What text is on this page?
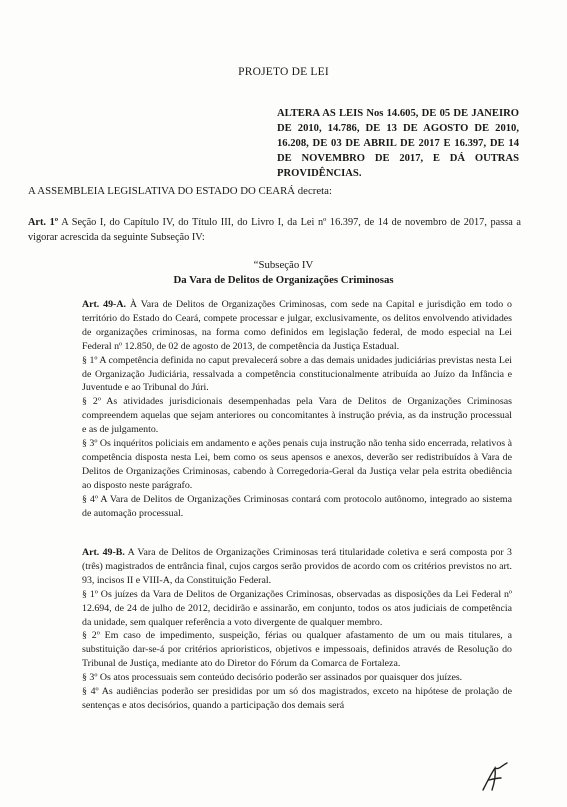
PROJETO DE LEI
ALTERA AS LEIS Nos 14.605, DE 05 DE JANEIRO DE 2010, 14.786, DE 13 DE AGOSTO DE 2010, 16.208, DE 03 DE ABRIL DE 2017 E 16.397, DE 14 DE NOVEMBRO DE 2017, E DÁ OUTRAS PROVIDÊNCIAS.
A ASSEMBLEIA LEGISLATIVA DO ESTADO DO CEARÁ decreta:
Art. 1º A Seção I, do Capítulo IV, do Título III, do Livro I, da Lei nº 16.397, de 14 de novembro de 2017, passa a vigorar acrescida da seguinte Subseção IV:
“Subseção IV
Da Vara de Delitos de Organizações Criminosas

Art. 49-A. À Vara de Delitos de Organizações Criminosas, com sede na Capital e jurisdição em todo o território do Estado do Ceará, compete processar e julgar, exclusivamente, os delitos envolvendo atividades de organizações criminosas, na forma como definidos em legislação federal, de modo especial na Lei Federal nº 12.850, de 02 de agosto de 2013, de competência da Justiça Estadual.

§ 1º A competência definida no caput prevalecerá sobre a das demais unidades judiciárias previstas nesta Lei de Organização Judiciária, ressalvada a competência constitucionalmente atribuída ao Juízo da Infância e Juventude e ao Tribunal do Júri.

§ 2º As atividades jurisdicionais desempenhadas pela Vara de Delitos de Organizações Criminosas compreendem aquelas que sejam anteriores ou concomitantes à instrução prévia, as da instrução processual e as de julgamento.

§ 3º Os inquéritos policiais em andamento e ações penais cuja instrução não tenha sido encerrada, relativos à competência disposta nesta Lei, bem como os seus apensos e anexos, deverão ser redistribuídos à Vara de Delitos de Organizações Criminosas, cabendo à Corregedoria-Geral da Justiça velar pela estrita obediência ao disposto neste parágrafo.

§ 4º A Vara de Delitos de Organizações Criminosas contará com protocolo autônomo, integrado ao sistema de automação processual.

Art. 49-B. A Vara de Delitos de Organizações Criminosas terá titularidade coletiva e será composta por 3 (três) magistrados de entrância final, cujos cargos serão providos de acordo com os critérios previstos no art. 93, incisos II e VIII-A, da Constituição Federal.

§ 1º Os juízes da Vara de Delitos de Organizações Criminosas, observadas as disposições da Lei Federal nº 12.694, de 24 de julho de 2012, decidirão e assinarão, em conjunto, todos os atos judiciais de competência da unidade, sem qualquer referência a voto divergente de qualquer membro.

§ 2º Em caso de impedimento, suspeição, férias ou qualquer afastamento de um ou mais titulares, a substituição dar-se-á por critérios aprioristicos, objetivos e impessoais, definidos através de Resolução do Tribunal de Justiça, mediante ato do Diretor do Fórum da Comarca de Fortaleza.

§ 3º Os atos processuais sem conteúdo decisório poderão ser assinados por quaisquer dos juízes.

§ 4º As audiências poderão ser presididas por um só dos magistrados, exceto na hipótese de prolação de sentenças e atos decisórios, quando a participação dos demais será
